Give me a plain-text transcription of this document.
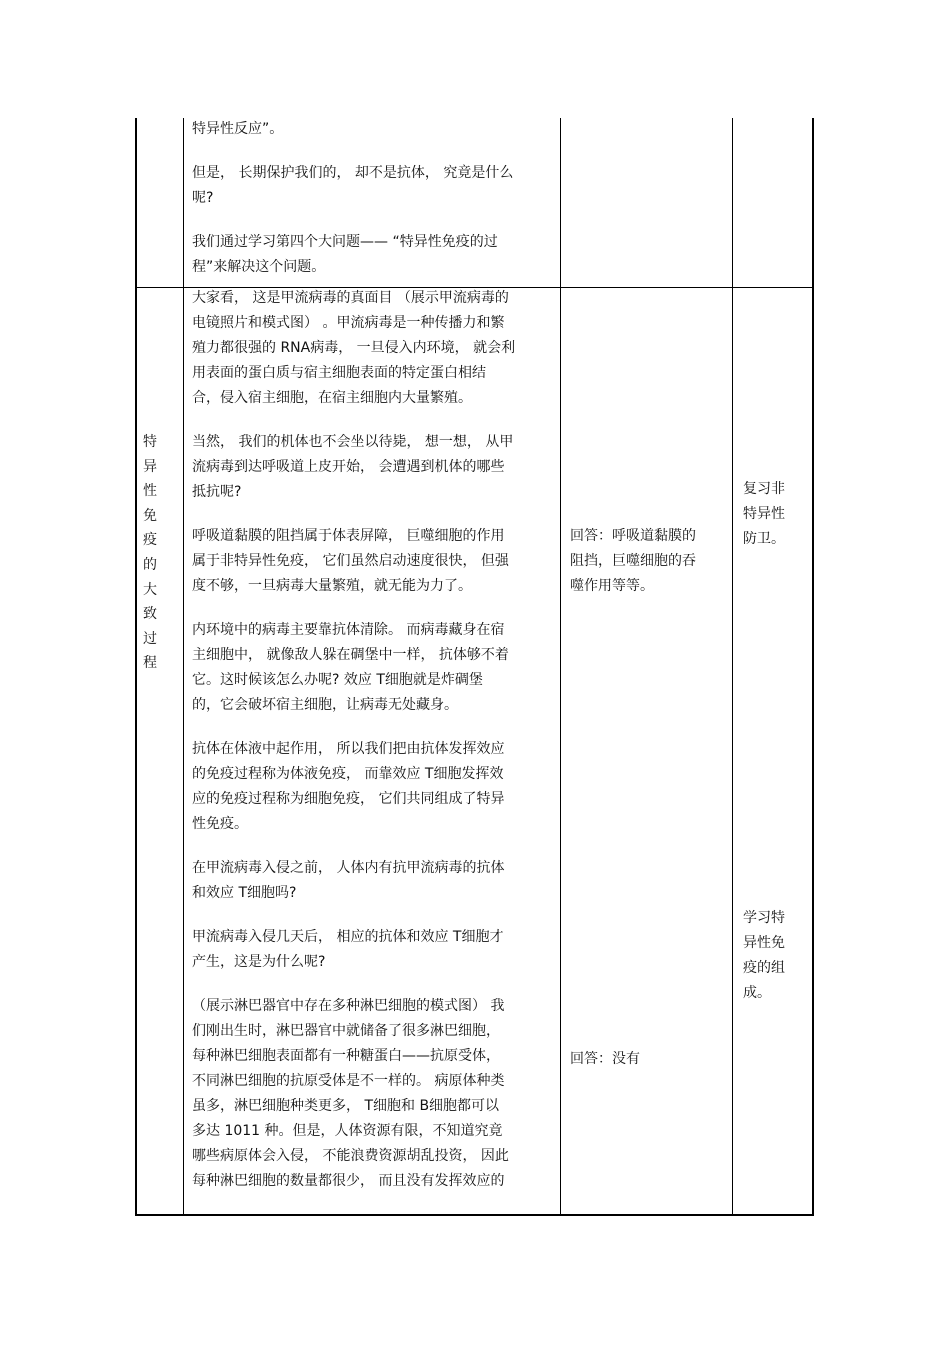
特异性反应”。

但是， 长期保护我们的， 却不是抗体， 究竟是什么
呢?

我们通过学习第四个大问题—— “特异性免疫的过
程”来解决这个问题。

特
异
性
免
疫
的
大
致
过
程

大家看， 这是甲流病毒的真面目 （展示甲流病毒的
电镜照片和模式图） 。甲流病毒是一种传播力和繁
殖力都很强的 RNA病毒， 一旦侵入内环境， 就会利
用表面的蛋白质与宿主细胞表面的特定蛋白相结
合，侵入宿主细胞，在宿主细胞内大量繁殖。

当然， 我们的机体也不会坐以待毙， 想一想， 从甲
流病毒到达呼吸道上皮开始， 会遭遇到机体的哪些
抵抗呢?

呼吸道黏膜的阻挡属于体表屏障， 巨噬细胞的作用
属于非特异性免疫， 它们虽然启动速度很快， 但强
度不够，一旦病毒大量繁殖，就无能为力了。

内环境中的病毒主要靠抗体清除。 而病毒藏身在宿
主细胞中， 就像敌人躲在碉堡中一样， 抗体够不着
它。这时候该怎么办呢? 效应 T细胞就是炸碉堡
的，它会破坏宿主细胞，让病毒无处藏身。

抗体在体液中起作用， 所以我们把由抗体发挥效应
的免疫过程称为体液免疫， 而靠效应 T细胞发挥效
应的免疫过程称为细胞免疫， 它们共同组成了特异
性免疫。

在甲流病毒入侵之前， 人体内有抗甲流病毒的抗体
和效应 T细胞吗?

甲流病毒入侵几天后， 相应的抗体和效应 T细胞才
产生，这是为什么呢?

（展示淋巴器官中存在多种淋巴细胞的模式图） 我
们刚出生时，淋巴器官中就储备了很多淋巴细胞，
每种淋巴细胞表面都有一种糖蛋白——抗原受体，
不同淋巴细胞的抗原受体是不一样的。 病原体种类
虽多，淋巴细胞种类更多， T细胞和 B细胞都可以
多达 1011 种。但是，人体资源有限，不知道究竟
哪些病原体会入侵， 不能浪费资源胡乱投资， 因此
每种淋巴细胞的数量都很少， 而且没有发挥效应的

回答：呼吸道黏膜的
阻挡，巨噬细胞的吞
噬作用等等。
回答：没有
复习非
特异性
防卫。
学习特
异性免
疫的组
成。
